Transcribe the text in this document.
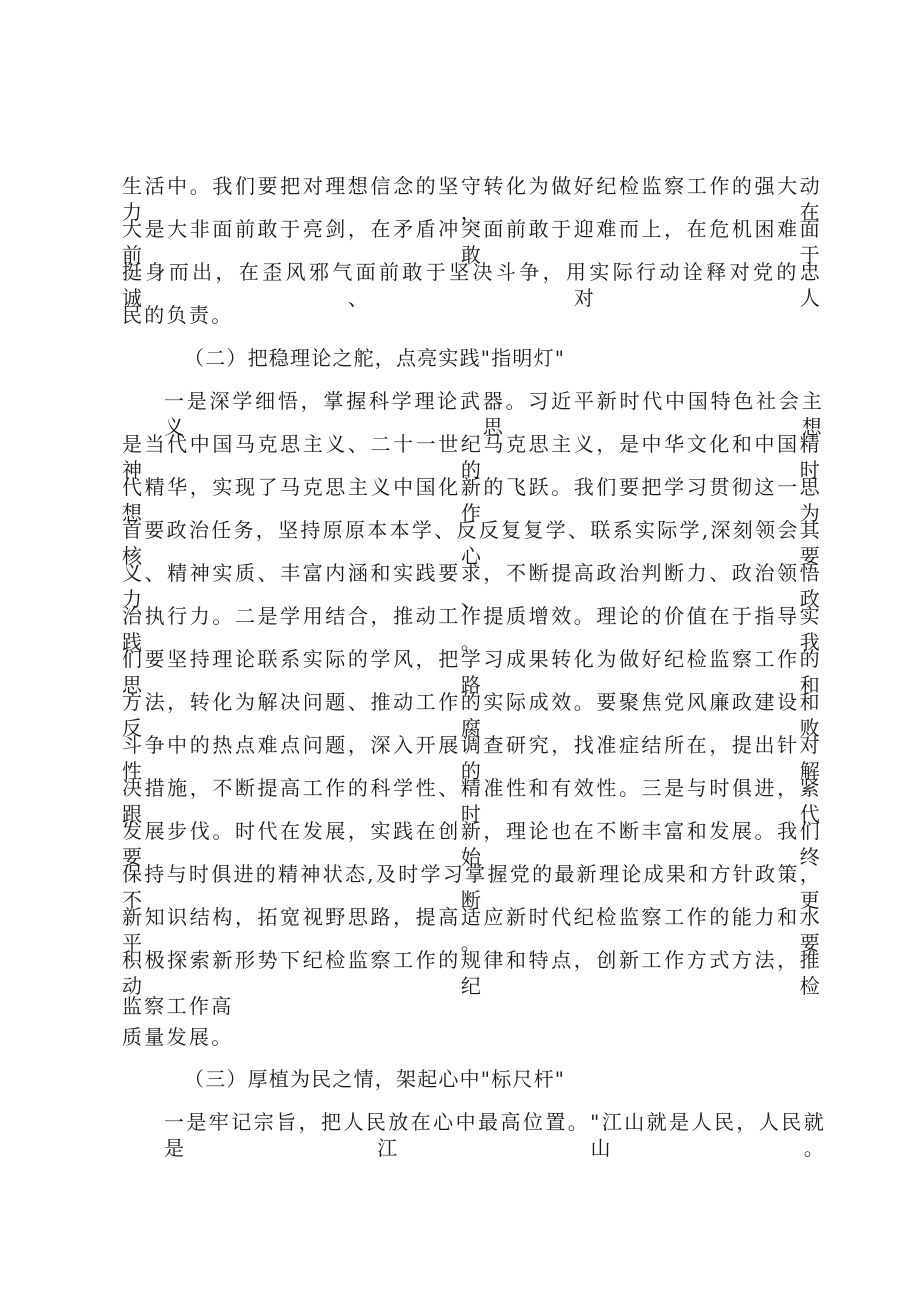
生活中。我们要把对理想信念的坚守转化为做好纪检监察工作的强大动力，在
大是大非面前敢于亮剑，在矛盾冲突面前敢于迎难而上，在危机困难面前敢于
挺身而出，在歪风邪气面前敢于坚决斗争，用实际行动诠释对党的忠诚、对人
民的负责。
（二）把稳理论之舵，点亮实践"指明灯"
一是深学细悟，掌握科学理论武器。习近平新时代中国特色社会主义思想
是当代中国马克思主义、二十一世纪马克思主义，是中华文化和中国精神的时
代精华，实现了马克思主义中国化新的飞跃。我们要把学习贯彻这一思想作为
首要政治任务，坚持原原本本学、反反复复学、联系实际学,深刻领会其核心要
义、精神实质、丰富内涵和实践要求，不断提高政治判断力、政治领悟力、政
治执行力。二是学用结合，推动工作提质增效。理论的价值在于指导实践。我
们要坚持理论联系实际的学风，把学习成果转化为做好纪检监察工作的思路和
方法，转化为解决问题、推动工作的实际成效。要聚焦党风廉政建设和反腐败
斗争中的热点难点问题，深入开展调查研究，找准症结所在，提出针对性的解
决措施，不断提高工作的科学性、精准性和有效性。三是与时俱进，紧跟时代
发展步伐。时代在发展，实践在创新，理论也在不断丰富和发展。我们要始终
保持与时俱进的精神状态,及时学习掌握党的最新理论成果和方针政策，不断更
新知识结构，拓宽视野思路，提高适应新时代纪检监察工作的能力和水平。要
积极探索新形势下纪检监察工作的规律和特点，创新工作方式方法，推动纪检
监察工作高
质量发展。
（三）厚植为民之情，架起心中"标尺杆"
一是牢记宗旨，把人民放在心中最高位置。"江山就是人民，人民就是江山。
